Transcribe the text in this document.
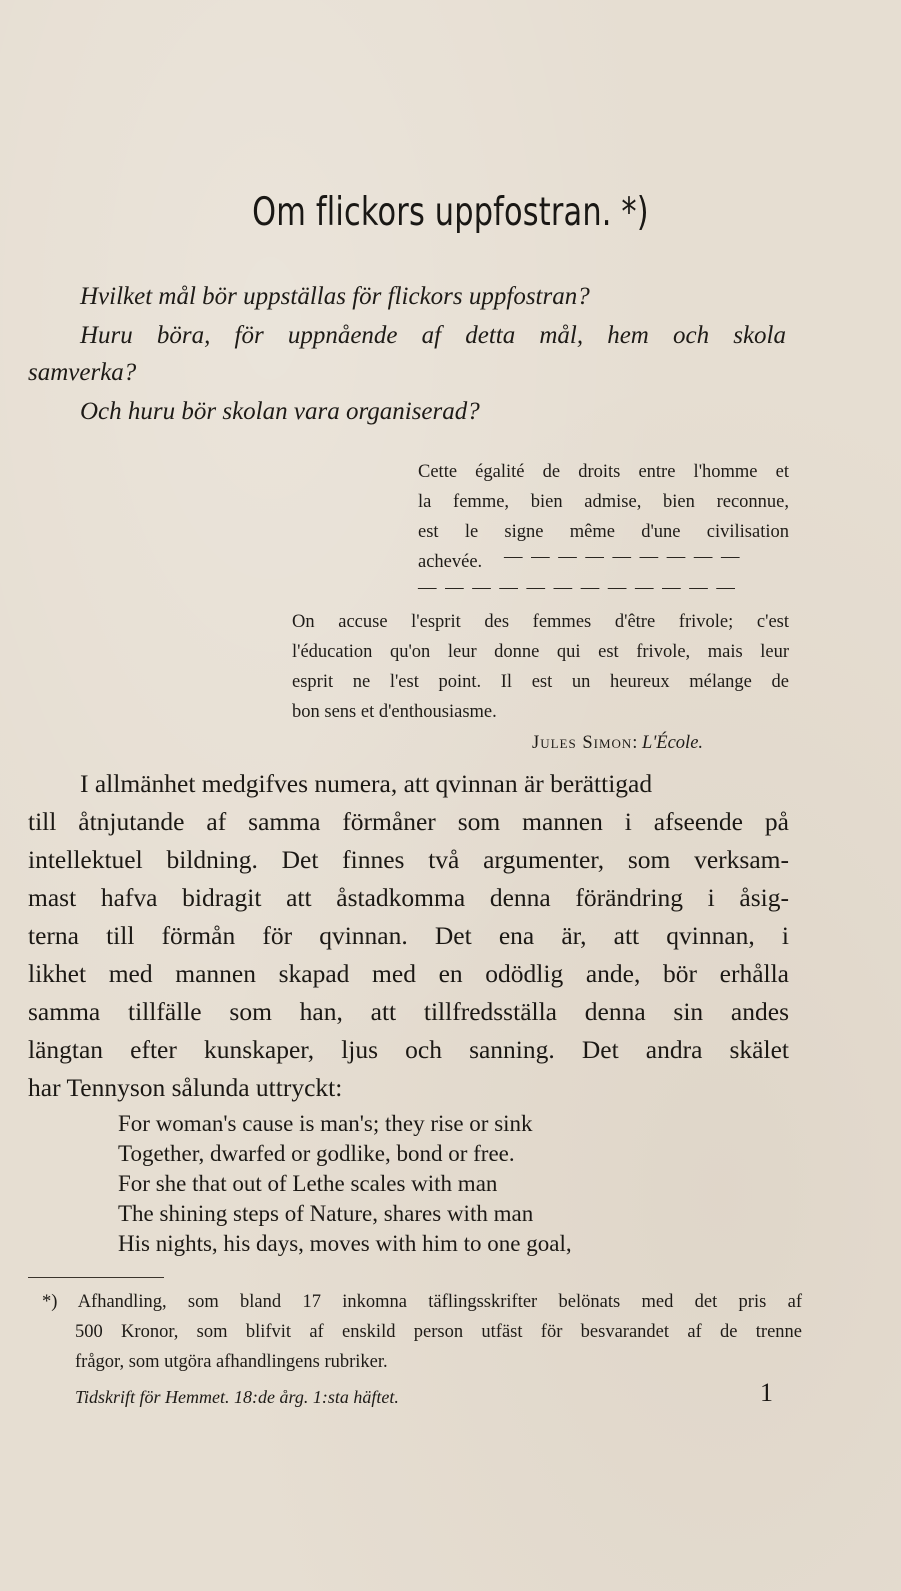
Om flickors uppfostran. *)
Hvilket mål bör uppställas för flickors uppfostran?
Huru böra, för uppnående af detta mål, hem och skola
samverka?
Och huru bör skolan vara organiserad?
Cette égalité de droits entre l'homme et
la femme, bien admise, bien reconnue,
est le signe même d'une civilisation
achevée. — — — — — — — — —
— — — — — — — — — — — —
On accuse l'esprit des femmes d'être frivole; c'est
l'éducation qu'on leur donne qui est frivole, mais leur
esprit ne l'est point. Il est un heureux mélange de
bon sens et d'enthousiasme.
Jules Simon: L'École.
I allmänhet medgifves numera, att qvinnan är berättigad
till åtnjutande af samma förmåner som mannen i afseende på
intellektuel bildning. Det finnes två argumenter, som verksam-
mast hafva bidragit att åstadkomma denna förändring i åsig-
terna till förmån för qvinnan. Det ena är, att qvinnan, i
likhet med mannen skapad med en odödlig ande, bör erhålla
samma tillfälle som han, att tillfredsställa denna sin andes
längtan efter kunskaper, ljus och sanning. Det andra skälet
har Tennyson sålunda uttryckt:
For woman's cause is man's; they rise or sink
Together, dwarfed or godlike, bond or free.
For she that out of Lethe scales with man
The shining steps of Nature, shares with man
His nights, his days, moves with him to one goal,
*) Afhandling, som bland 17 inkomna täflingsskrifter belönats med det pris af
500 Kronor, som blifvit af enskild person utfäst för besvarandet af de trenne
frågor, som utgöra afhandlingens rubriker.
Tidskrift för Hemmet. 18:de årg. 1:sta häftet.	1
